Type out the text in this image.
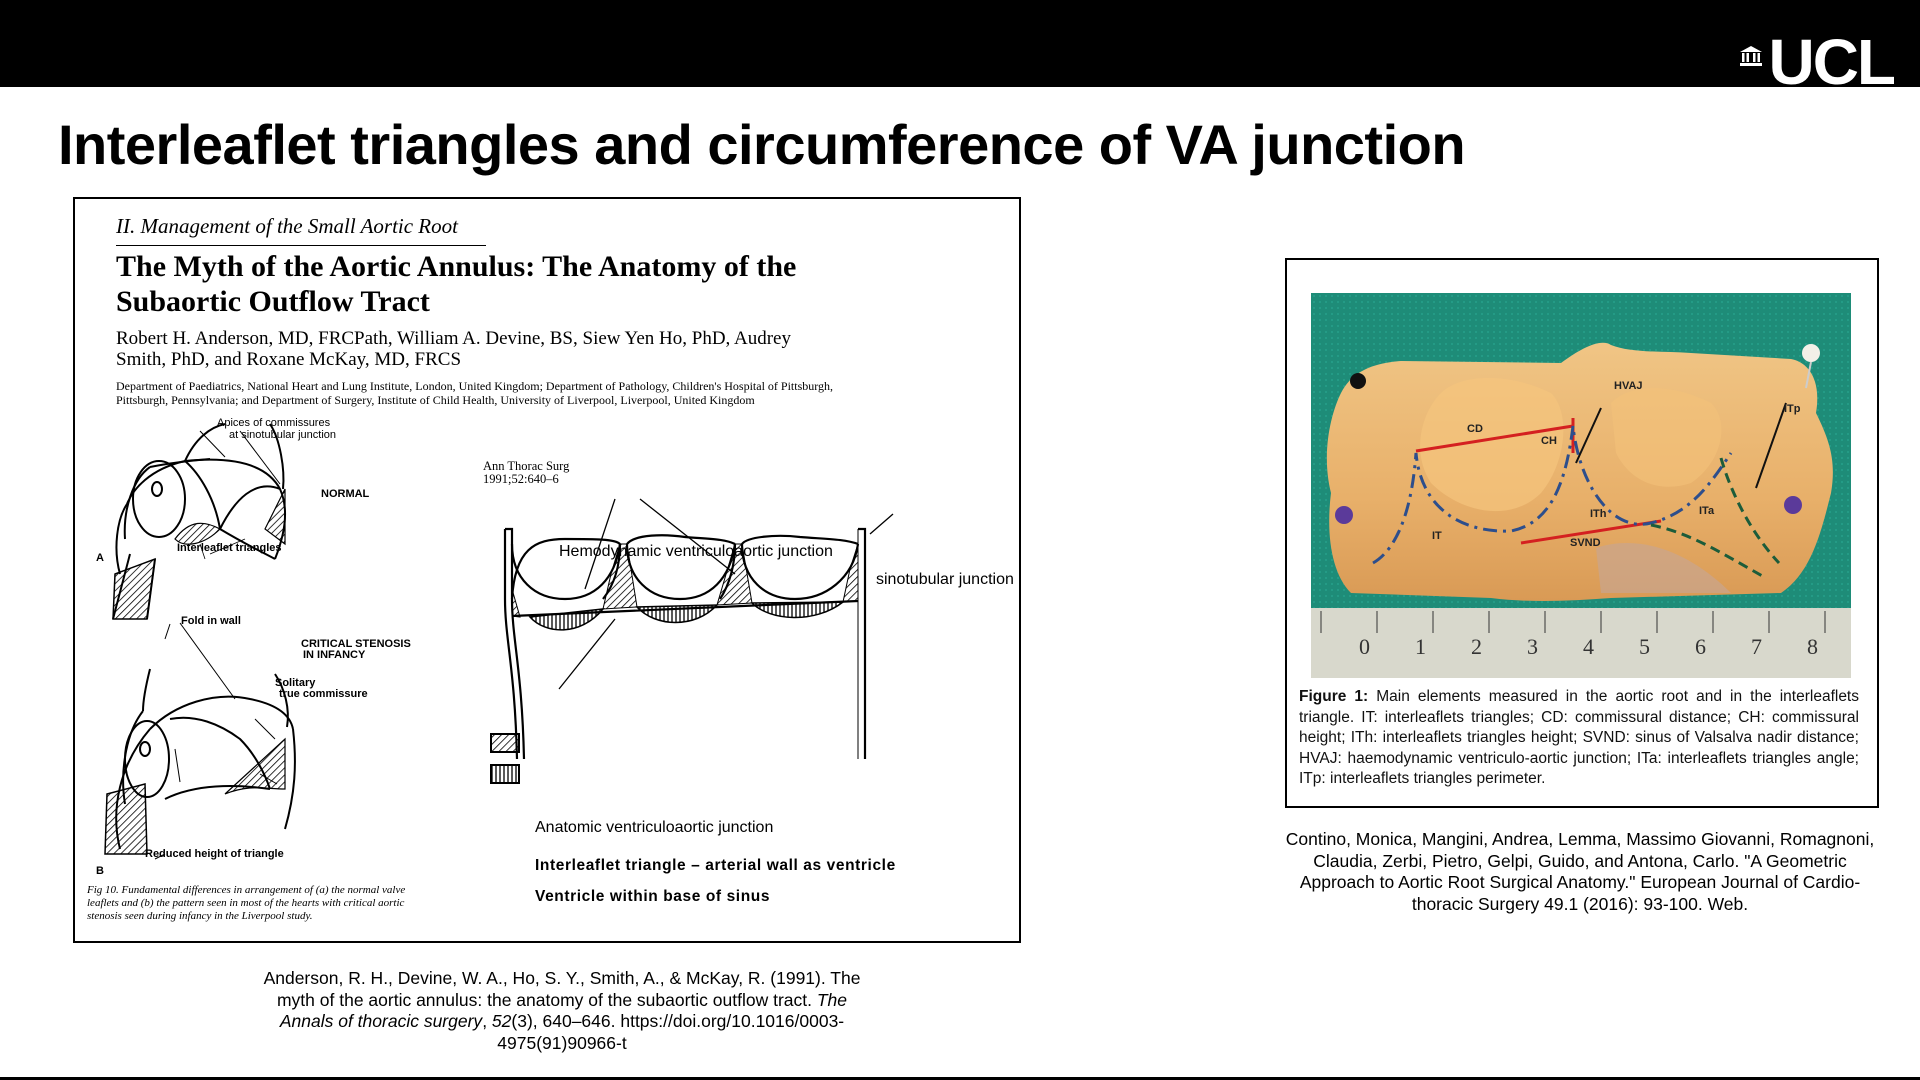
UCL
Interleaflet triangles and circumference of VA junction
II. Management of the Small Aortic Root
The Myth of the Aortic Annulus: The Anatomy of the Subaortic Outflow Tract
Robert H. Anderson, MD, FRCPath, William A. Devine, BS, Siew Yen Ho, PhD, Audrey Smith, PhD, and Roxane McKay, MD, FRCS
Department of Paediatrics, National Heart and Lung Institute, London, United Kingdom; Department of Pathology, Children's Hospital of Pittsburgh, Pittsburgh, Pennsylvania; and Department of Surgery, Institute of Child Health, University of Liverpool, Liverpool, United Kingdom
Ann Thorac Surg
1991;52:640–6
Apices of commissures
at sinotubular junction
NORMAL
Interleaflet triangles
A
Fold in wall
CRITICAL STENOSIS
IN INFANCY
Solitary
true commissure
Reduced height of triangle
B
Hemodynamic ventriculoaortic junction
sinotubular junction
Anatomic ventriculoaortic junction
Interleaflet triangle – arterial wall as ventricle
Ventricle within base of sinus
Fig 10. Fundamental differences in arrangement of (a) the normal valve leaflets and (b) the pattern seen in most of the hearts with critical aortic stenosis seen during infancy in the Liverpool study.
Anderson, R. H., Devine, W. A., Ho, S. Y., Smith, A., & McKay, R. (1991). The
myth of the aortic annulus: the anatomy of the subaortic outflow tract. The
Annals of thoracic surgery, 52(3), 640–646. https://doi.org/10.1016/0003-
4975(91)90966-t
CD
CH
HVAJ
ITp
IT
ITh
SVND
ITa
0 1 2 3 4 5 6 7 8
Figure 1: Main elements measured in the aortic root and in the interleaflets triangle. IT: interleaflets triangles; CD: commissural distance; CH: commissural height; ITh: interleaflets triangles height; SVND: sinus of Valsalva nadir distance; HVAJ: haemodynamic ventriculo-aortic junction; ITa: interleaflets triangles angle; ITp: interleaflets triangles perimeter.
Contino, Monica, Mangini, Andrea, Lemma, Massimo Giovanni, Romagnoni,
Claudia, Zerbi, Pietro, Gelpi, Guido, and Antona, Carlo. "A Geometric
Approach to Aortic Root Surgical Anatomy." European Journal of Cardio-
thoracic Surgery 49.1 (2016): 93-100. Web.
